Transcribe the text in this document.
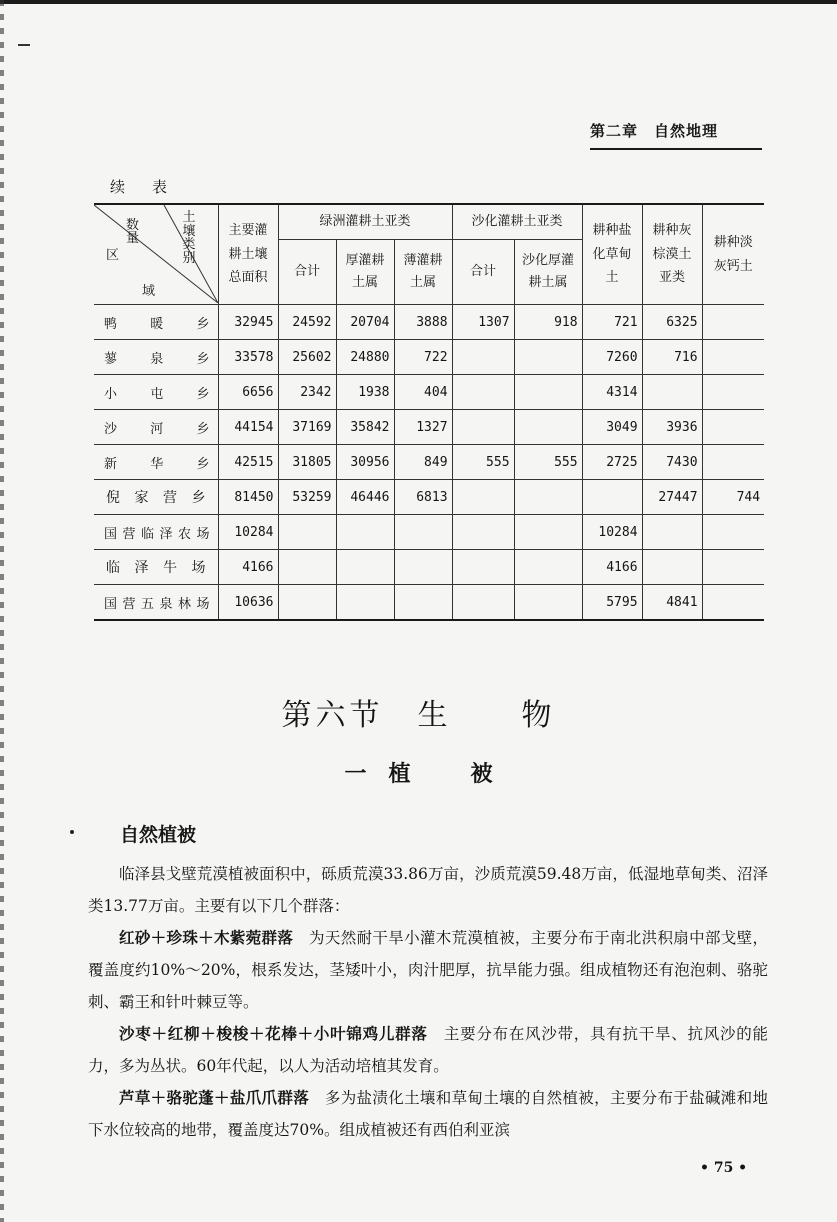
第二章　自然地理
续　表
土壤类别
数量
区
域	主要灌耕土壤总面积	绿洲灌耕土亚类			沙化灌耕土亚类		耕种盐化草甸土	耕种灰棕漠土亚类	耕种淡灰钙土
		合计	厚灌耕土属	薄灌耕土属	合计	沙化厚灌耕土属			
鸭　暖　乡	32945	24592	20704	3888	1307	918	721	6325	
蓼　泉　乡	33578	25602	24880	722			7260	716	
小　屯　乡	6656	2342	1938	404			4314		
沙　河　乡	44154	37169	35842	1327			3049	3936	
新　华　乡	42515	31805	30956	849	555	555	2725	7430	
倪家营乡	81450	53259	46446	6813				27447	744
国营临泽农场	10284						10284		
临泽牛场	4166						4166		
国营五泉林场	10636						5795	4841	
第六节　生 物
一　植	被
自然植被

临泽县戈壁荒漠植被面积中，砾质荒漠33.86万亩，沙质荒漠59.48万亩，低湿地草甸类、沼泽类13.77万亩。主要有以下几个群落：

红砂＋珍珠＋木紫菀群落　为天然耐干旱小灌木荒漠植被，主要分布于南北洪积扇中部戈壁，覆盖度约10%～20%，根系发达，茎矮叶小，肉汁肥厚，抗旱能力强。组成植物还有泡泡刺、骆驼刺、霸王和针叶棘豆等。

沙枣＋红柳＋梭梭＋花棒＋小叶锦鸡儿群落　主要分布在风沙带，具有抗干旱、抗风沙的能力，多为丛状。60年代起，以人为活动培植其发育。

芦草＋骆驼蓬＋盐爪爪群落　多为盐渍化土壤和草甸土壤的自然植被，主要分布于盐碱滩和地下水位较高的地带，覆盖度达70%。组成植被还有西伯利亚滨

• 75 •
